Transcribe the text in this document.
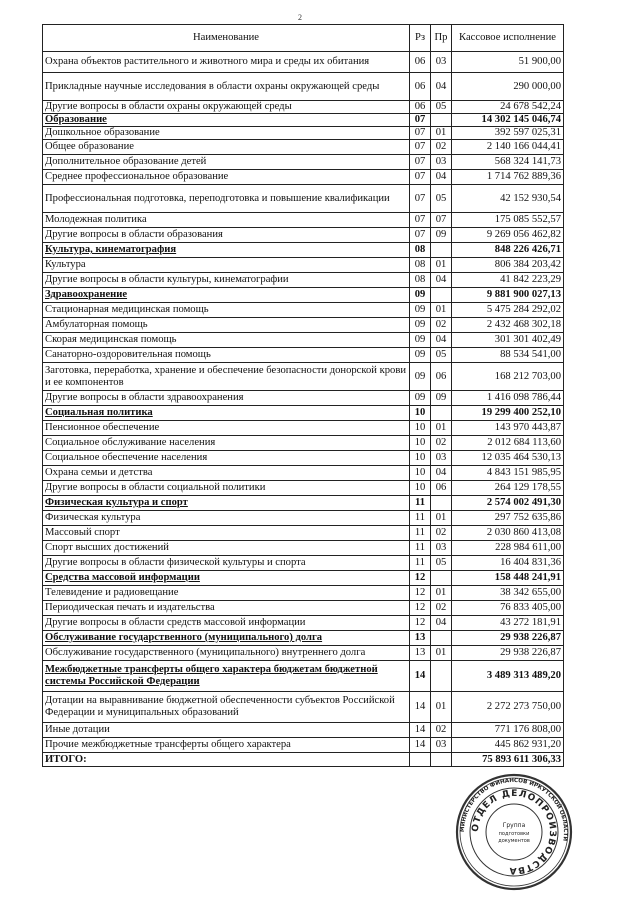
2
Наименование	Рз	Пр	Кассовое исполнение
Охрана объектов растительного и животного мира и среды их обитания	06	03	51 900,00
Прикладные научные исследования в области охраны окружающей среды	06	04	290 000,00
Другие вопросы в области охраны окружающей среды	06	05	24 678 542,24
Образование	07		14 302 145 046,74
Дошкольное образование	07	01	392 597 025,31
Общее образование	07	02	2 140 166 044,41
Дополнительное образование детей	07	03	568 324 141,73
Среднее профессиональное образование	07	04	1 714 762 889,36
Профессиональная подготовка, переподготовка и повышение квалификации	07	05	42 152 930,54
Молодежная политика	07	07	175 085 552,57
Другие вопросы в области образования	07	09	9 269 056 462,82
Культура, кинематография	08		848 226 426,71
Культура	08	01	806 384 203,42
Другие вопросы в области культуры, кинематографии	08	04	41 842 223,29
Здравоохранение	09		9 881 900 027,13
Стационарная медицинская помощь	09	01	5 475 284 292,02
Амбулаторная помощь	09	02	2 432 468 302,18
Скорая медицинская помощь	09	04	301 301 402,49
Санаторно-оздоровительная помощь	09	05	88 534 541,00
Заготовка, переработка, хранение и обеспечение безопасности донорской крови и ее компонентов	09	06	168 212 703,00
Другие вопросы в области здравоохранения	09	09	1 416 098 786,44
Социальная политика	10		19 299 400 252,10
Пенсионное обеспечение	10	01	143 970 443,87
Социальное обслуживание населения	10	02	2 012 684 113,60
Социальное обеспечение населения	10	03	12 035 464 530,13
Охрана семьи и детства	10	04	4 843 151 985,95
Другие вопросы в области социальной политики	10	06	264 129 178,55
Физическая культура и спорт	11		2 574 002 491,30
Физическая культура	11	01	297 752 635,86
Массовый спорт	11	02	2 030 860 413,08
Спорт высших достижений	11	03	228 984 611,00
Другие вопросы в области физической культуры и спорта	11	05	16 404 831,36
Средства массовой информации	12		158 448 241,91
Телевидение и радиовещание	12	01	38 342 655,00
Периодическая печать и издательства	12	02	76 833 405,00
Другие вопросы в области средств массовой информации	12	04	43 272 181,91
Обслуживание государственного (муниципального) долга	13		29 938 226,87
Обслуживание государственного (муниципального) внутреннего долга	13	01	29 938 226,87
Межбюджетные трансферты общего характера бюджетам бюджетной системы Российской Федерации	14		3 489 313 489,20
Дотации на выравнивание бюджетной обеспеченности субъектов Российской Федерации и муниципальных образований	14	01	2 272 273 750,00
Иные дотации	14	02	771 176 808,00
Прочие межбюджетные трансферты общего характера	14	03	445 862 931,20
ИТОГО:			75 893 611 306,33
МИНИСТЕРСТВО ФИНАНСОВ ИРКУТСКОЙ ОБЛАСТИ
ОТДЕЛ ДЕЛОПРОИЗВОДСТВА
Группа
подготовки
документов
